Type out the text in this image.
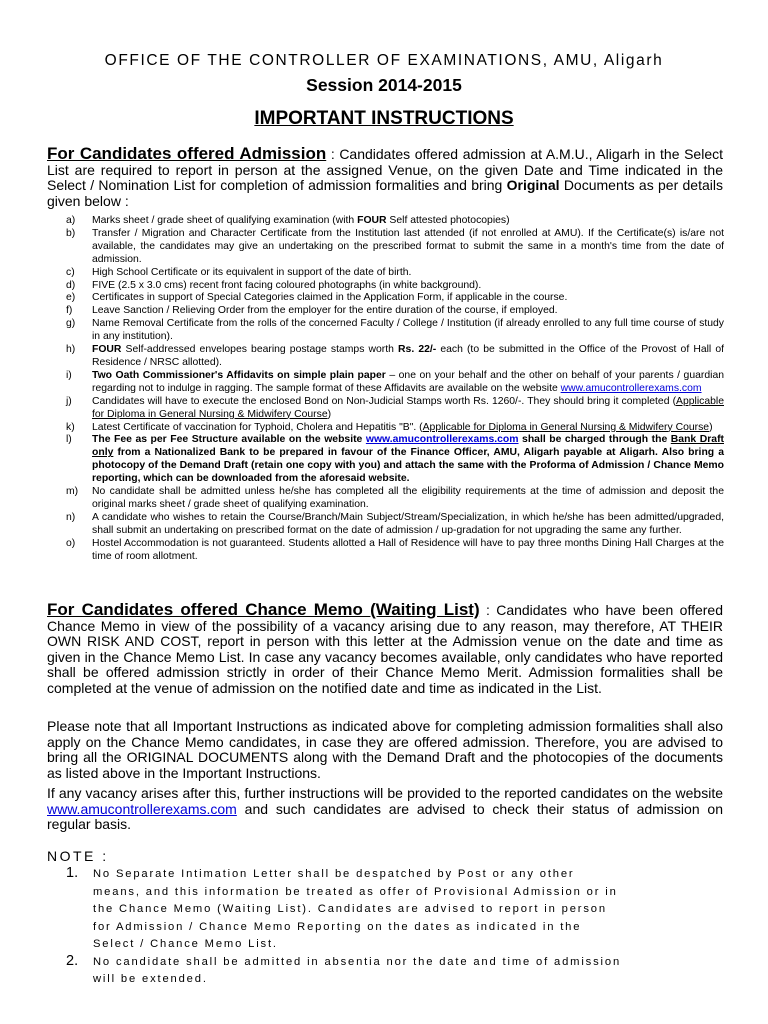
OFFICE OF THE CONTROLLER OF EXAMINATIONS, AMU, Aligarh
Session 2014-2015
IMPORTANT INSTRUCTIONS
For Candidates offered Admission : Candidates offered admission at A.M.U., Aligarh in the Select List are required to report in person at the assigned Venue, on the given Date and Time indicated in the Select / Nomination List for completion of admission formalities and bring Original Documents as per details given below :
a) Marks sheet / grade sheet of qualifying examination (with FOUR Self attested photocopies)
b) Transfer / Migration and Character Certificate from the Institution last attended (if not enrolled at AMU). If the Certificate(s) is/are not available, the candidates may give an undertaking on the prescribed format to submit the same in a month's time from the date of admission.
c) High School Certificate or its equivalent in support of the date of birth.
d) FIVE (2.5 x 3.0 cms) recent front facing coloured photographs (in white background).
e) Certificates in support of Special Categories claimed in the Application Form, if applicable in the course.
f) Leave Sanction / Relieving Order from the employer for the entire duration of the course, if employed.
g) Name Removal Certificate from the rolls of the concerned Faculty / College / Institution (if already enrolled to any full time course of study in any institution).
h) FOUR Self-addressed envelopes bearing postage stamps worth Rs. 22/- each (to be submitted in the Office of the Provost of Hall of Residence / NRSC allotted).
i) Two Oath Commissioner's Affidavits on simple plain paper – one on your behalf and the other on behalf of your parents / guardian regarding not to indulge in ragging. The sample format of these Affidavits are available on the website www.amucontrollerexams.com
j) Candidates will have to execute the enclosed Bond on Non-Judicial Stamps worth Rs. 1260/-. They should bring it completed (Applicable for Diploma in General Nursing & Midwifery Course)
k) Latest Certificate of vaccination for Typhoid, Cholera and Hepatitis "B". (Applicable for Diploma in General Nursing & Midwifery Course)
l) The Fee as per Fee Structure available on the website www.amucontrollerexams.com shall be charged through the Bank Draft only from a Nationalized Bank to be prepared in favour of the Finance Officer, AMU, Aligarh payable at Aligarh. Also bring a photocopy of the Demand Draft (retain one copy with you) and attach the same with the Proforma of Admission / Chance Memo reporting, which can be downloaded from the aforesaid website.
m) No candidate shall be admitted unless he/she has completed all the eligibility requirements at the time of admission and deposit the original marks sheet / grade sheet of qualifying examination.
n) A candidate who wishes to retain the Course/Branch/Main Subject/Stream/Specialization, in which he/she has been admitted/upgraded, shall submit an undertaking on prescribed format on the date of admission / up-gradation for not upgrading the same any further.
o) Hostel Accommodation is not guaranteed. Students allotted a Hall of Residence will have to pay three months Dining Hall Charges at the time of room allotment.
For Candidates offered Chance Memo (Waiting List) : Candidates who have been offered Chance Memo in view of the possibility of a vacancy arising due to any reason, may therefore, AT THEIR OWN RISK AND COST, report in person with this letter at the Admission venue on the date and time as given in the Chance Memo List. In case any vacancy becomes available, only candidates who have reported shall be offered admission strictly in order of their Chance Memo Merit. Admission formalities shall be completed at the venue of admission on the notified date and time as indicated in the List.
Please note that all Important Instructions as indicated above for completing admission formalities shall also apply on the Chance Memo candidates, in case they are offered admission. Therefore, you are advised to bring all the ORIGINAL DOCUMENTS along with the Demand Draft and the photocopies of the documents as listed above in the Important Instructions.
If any vacancy arises after this, further instructions will be provided to the reported candidates on the website www.amucontrollerexams.com and such candidates are advised to check their status of admission on regular basis.
NOTE :
1. No Separate Intimation Letter shall be despatched by Post or any other means, and this information be treated as offer of Provisional Admission or in the Chance Memo (Waiting List). Candidates are advised to report in person for Admission / Chance Memo Reporting on the dates as indicated in the Select / Chance Memo List.
2. No candidate shall be admitted in absentia nor the date and time of admission will be extended.
